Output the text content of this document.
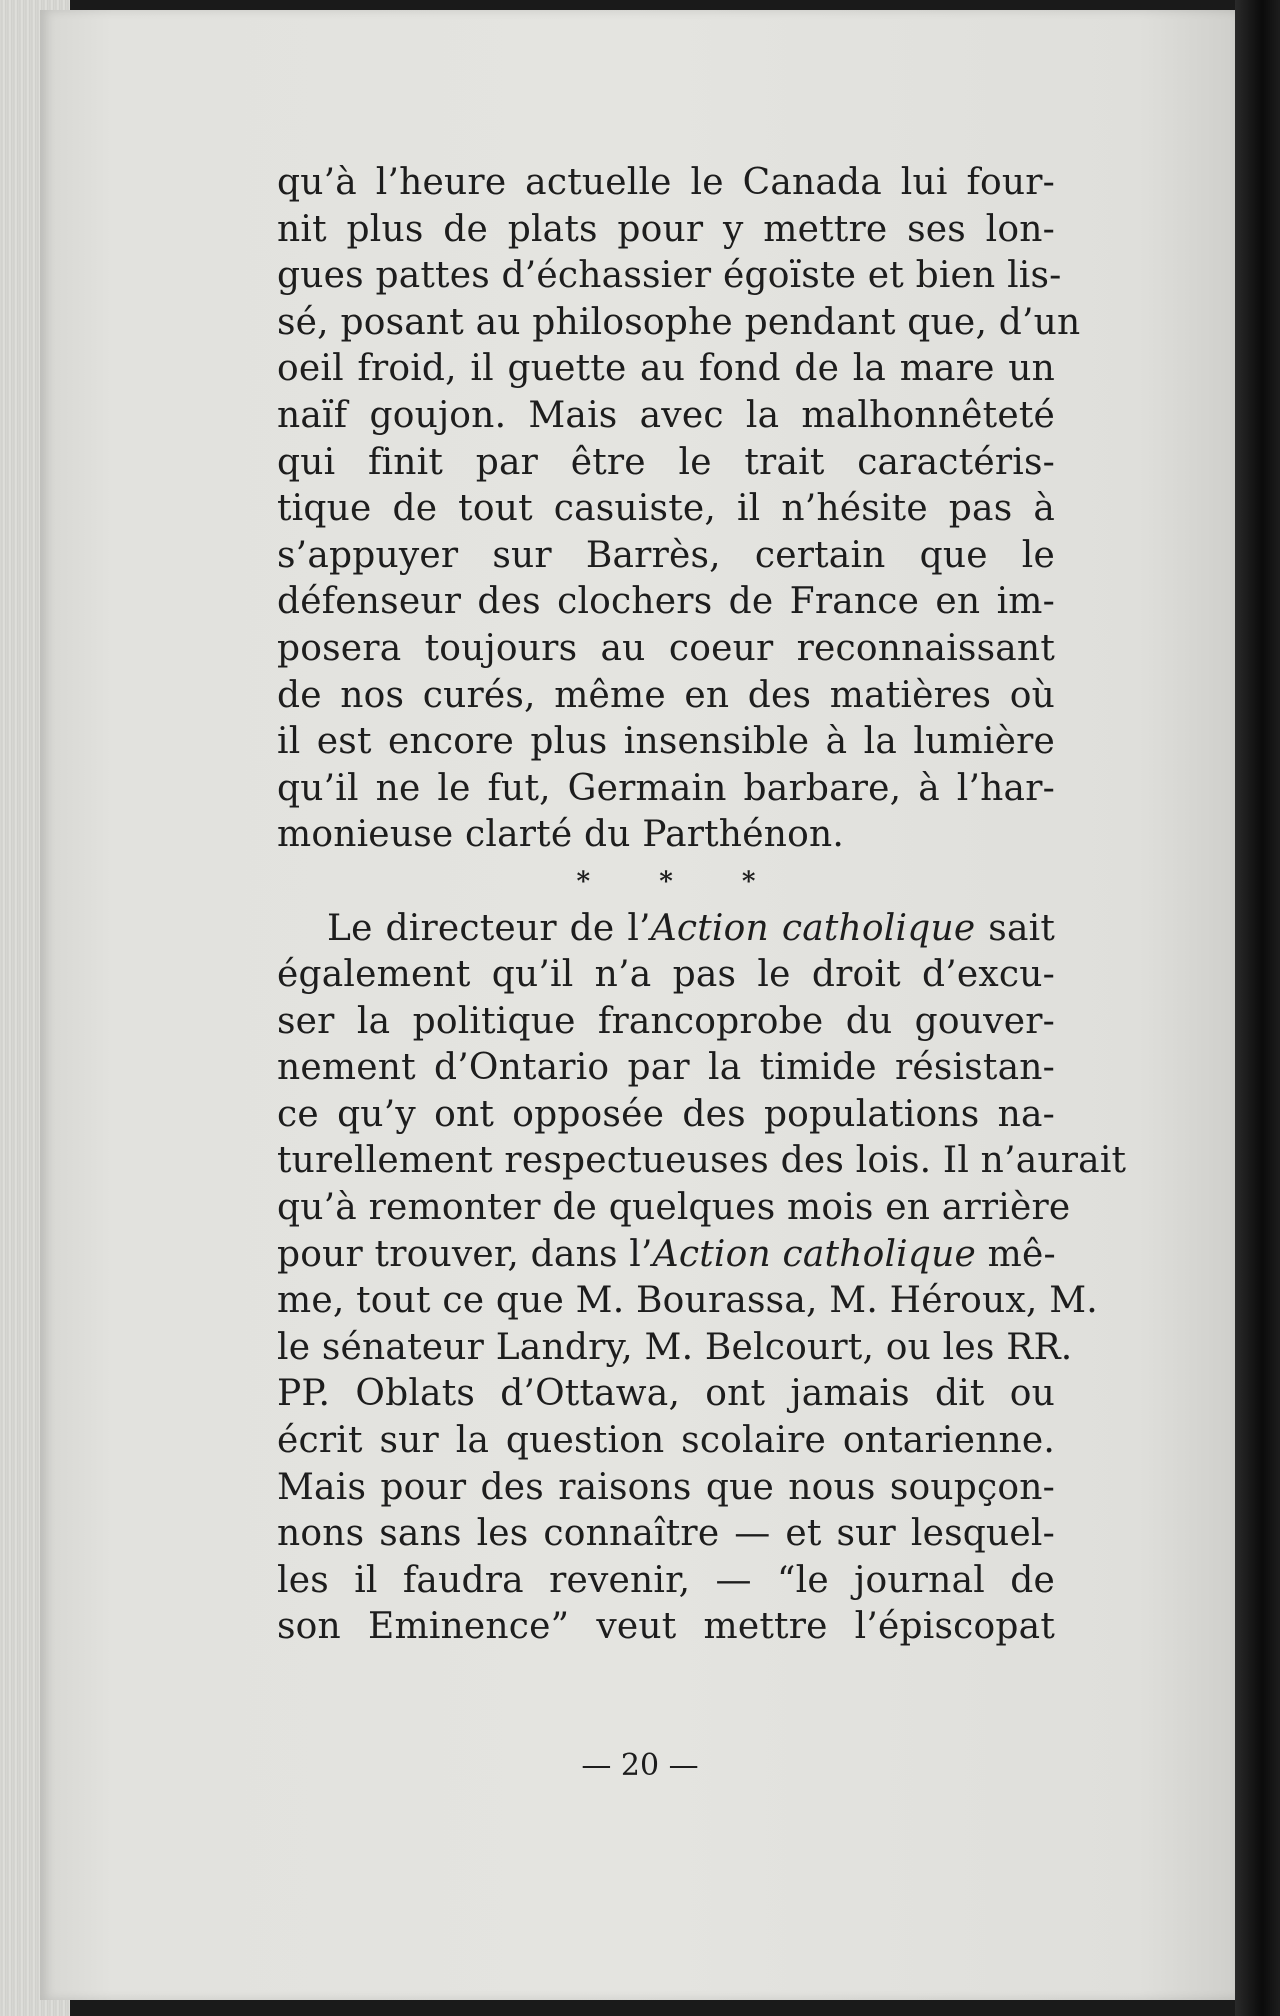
qu’à l’heure actuelle le Canada lui four-
nit plus de plats pour y mettre ses lon-
gues pattes d’échassier égoïste et bien lis-
sé, posant au philosophe pendant que, d’un
oeil froid, il guette au fond de la mare un
naïf goujon. Mais avec la malhonnêteté
qui finit par être le trait caractéris-
tique de tout casuiste, il n’hésite pas à
s’appuyer sur Barrès, certain que le
défenseur des clochers de France en im-
posera toujours au coeur reconnaissant
de nos curés, même en des matières où
il est encore plus insensible à la lumière
qu’il ne le fut, Germain barbare, à l’har-
monieuse clarté du Parthénon.
* * *
Le directeur de l’Action catholique sait
également qu’il n’a pas le droit d’excu-
ser la politique francoprobe du gouver-
nement d’Ontario par la timide résistan-
ce qu’y ont opposée des populations na-
turellement respectueuses des lois. Il n’aurait
qu’à remonter de quelques mois en arrière
pour trouver, dans l’Action catholique mê-
me, tout ce que M. Bourassa, M. Héroux, M.
le sénateur Landry, M. Belcourt, ou les RR.
PP. Oblats d’Ottawa, ont jamais dit ou
écrit sur la question scolaire ontarienne.
Mais pour des raisons que nous soupçon-
nons sans les connaître — et sur lesquel-
les il faudra revenir, — “le journal de
son Eminence” veut mettre l’épiscopat
— 20 —
